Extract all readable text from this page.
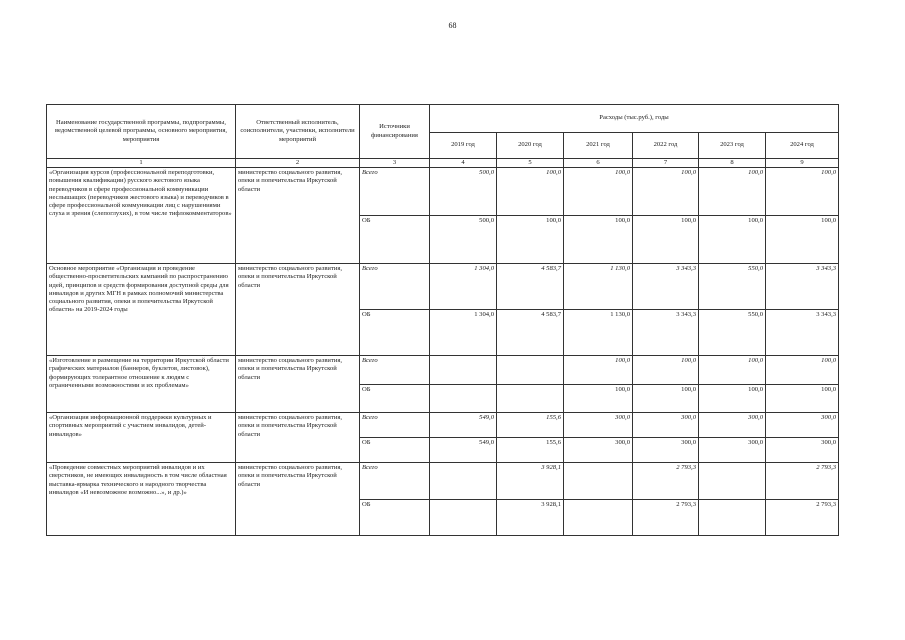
68
Наименование государственной программы, подпрограммы, ведомственной целевой программы, основного мероприятия, мероприятия	Ответственный исполнитель, соисполнители, участники, исполнители мероприятий	Источники финансирования	Расходы (тыс.руб.), годы					
			2019 год	2020 год	2021 год	2022 год	2023 год	2024 год
1	2	3	4	5	6	7	8	9
«Организация курсов (профессиональной переподготовки, повышения квалификации) русского жестового языка переводчиков в сфере профессиональной коммуникации неслышащих (переводчиков жестового языка) и переводчиков в сфере профессиональной коммуникации лиц с нарушениями слуха и зрения (слепоглухих), в том числе тифлокомментаторов»	министерство социального развития, опеки и попечительства Иркутской области	Всего	500,0	100,0	100,0	100,0	100,0	100,0
		ОБ	500,0	100,0	100,0	100,0	100,0	100,0
Основное мероприятие «Организация и проведение общественно-просветительских кампаний по распространению идей, принципов и средств формирования доступной среды для инвалидов и других МГН в рамках полномочий министерства социального развития, опеки и попечительства Иркутской области» на 2019-2024 годы	министерство социального развития, опеки и попечительства Иркутской области	Всего	1 304,0	4 583,7	1 130,0	3 343,3	550,0	3 343,3
		ОБ	1 304,0	4 583,7	1 130,0	3 343,3	550,0	3 343,3
«Изготовление и размещение на территории Иркутской области графических материалов (баннеров, буклетов, листовок), формирующих толерантное отношение к людям с ограниченными возможностями и их проблемам»	министерство социального развития, опеки и попечительства Иркутской области	Всего			100,0	100,0	100,0	100,0
		ОБ			100,0	100,0	100,0	100,0
«Организация информационной поддержки культурных и спортивных мероприятий с участием инвалидов, детей-инвалидов»	министерство социального развития, опеки и попечительства Иркутской области	Всего	549,0	155,6	300,0	300,0	300,0	300,0
		ОБ	549,0	155,6	300,0	300,0	300,0	300,0
«Проведение совместных мероприятий инвалидов и их сверстников, не имеющих инвалидность в том числе областная выставка-ярмарка технического и народного творчества инвалидов «И невозможное возможно...», и др.)»	министерство социального развития, опеки и попечительства Иркутской области	Всего		3 928,1		2 793,3		2 793,3
		ОБ		3 928,1		2 793,3		2 793,3
